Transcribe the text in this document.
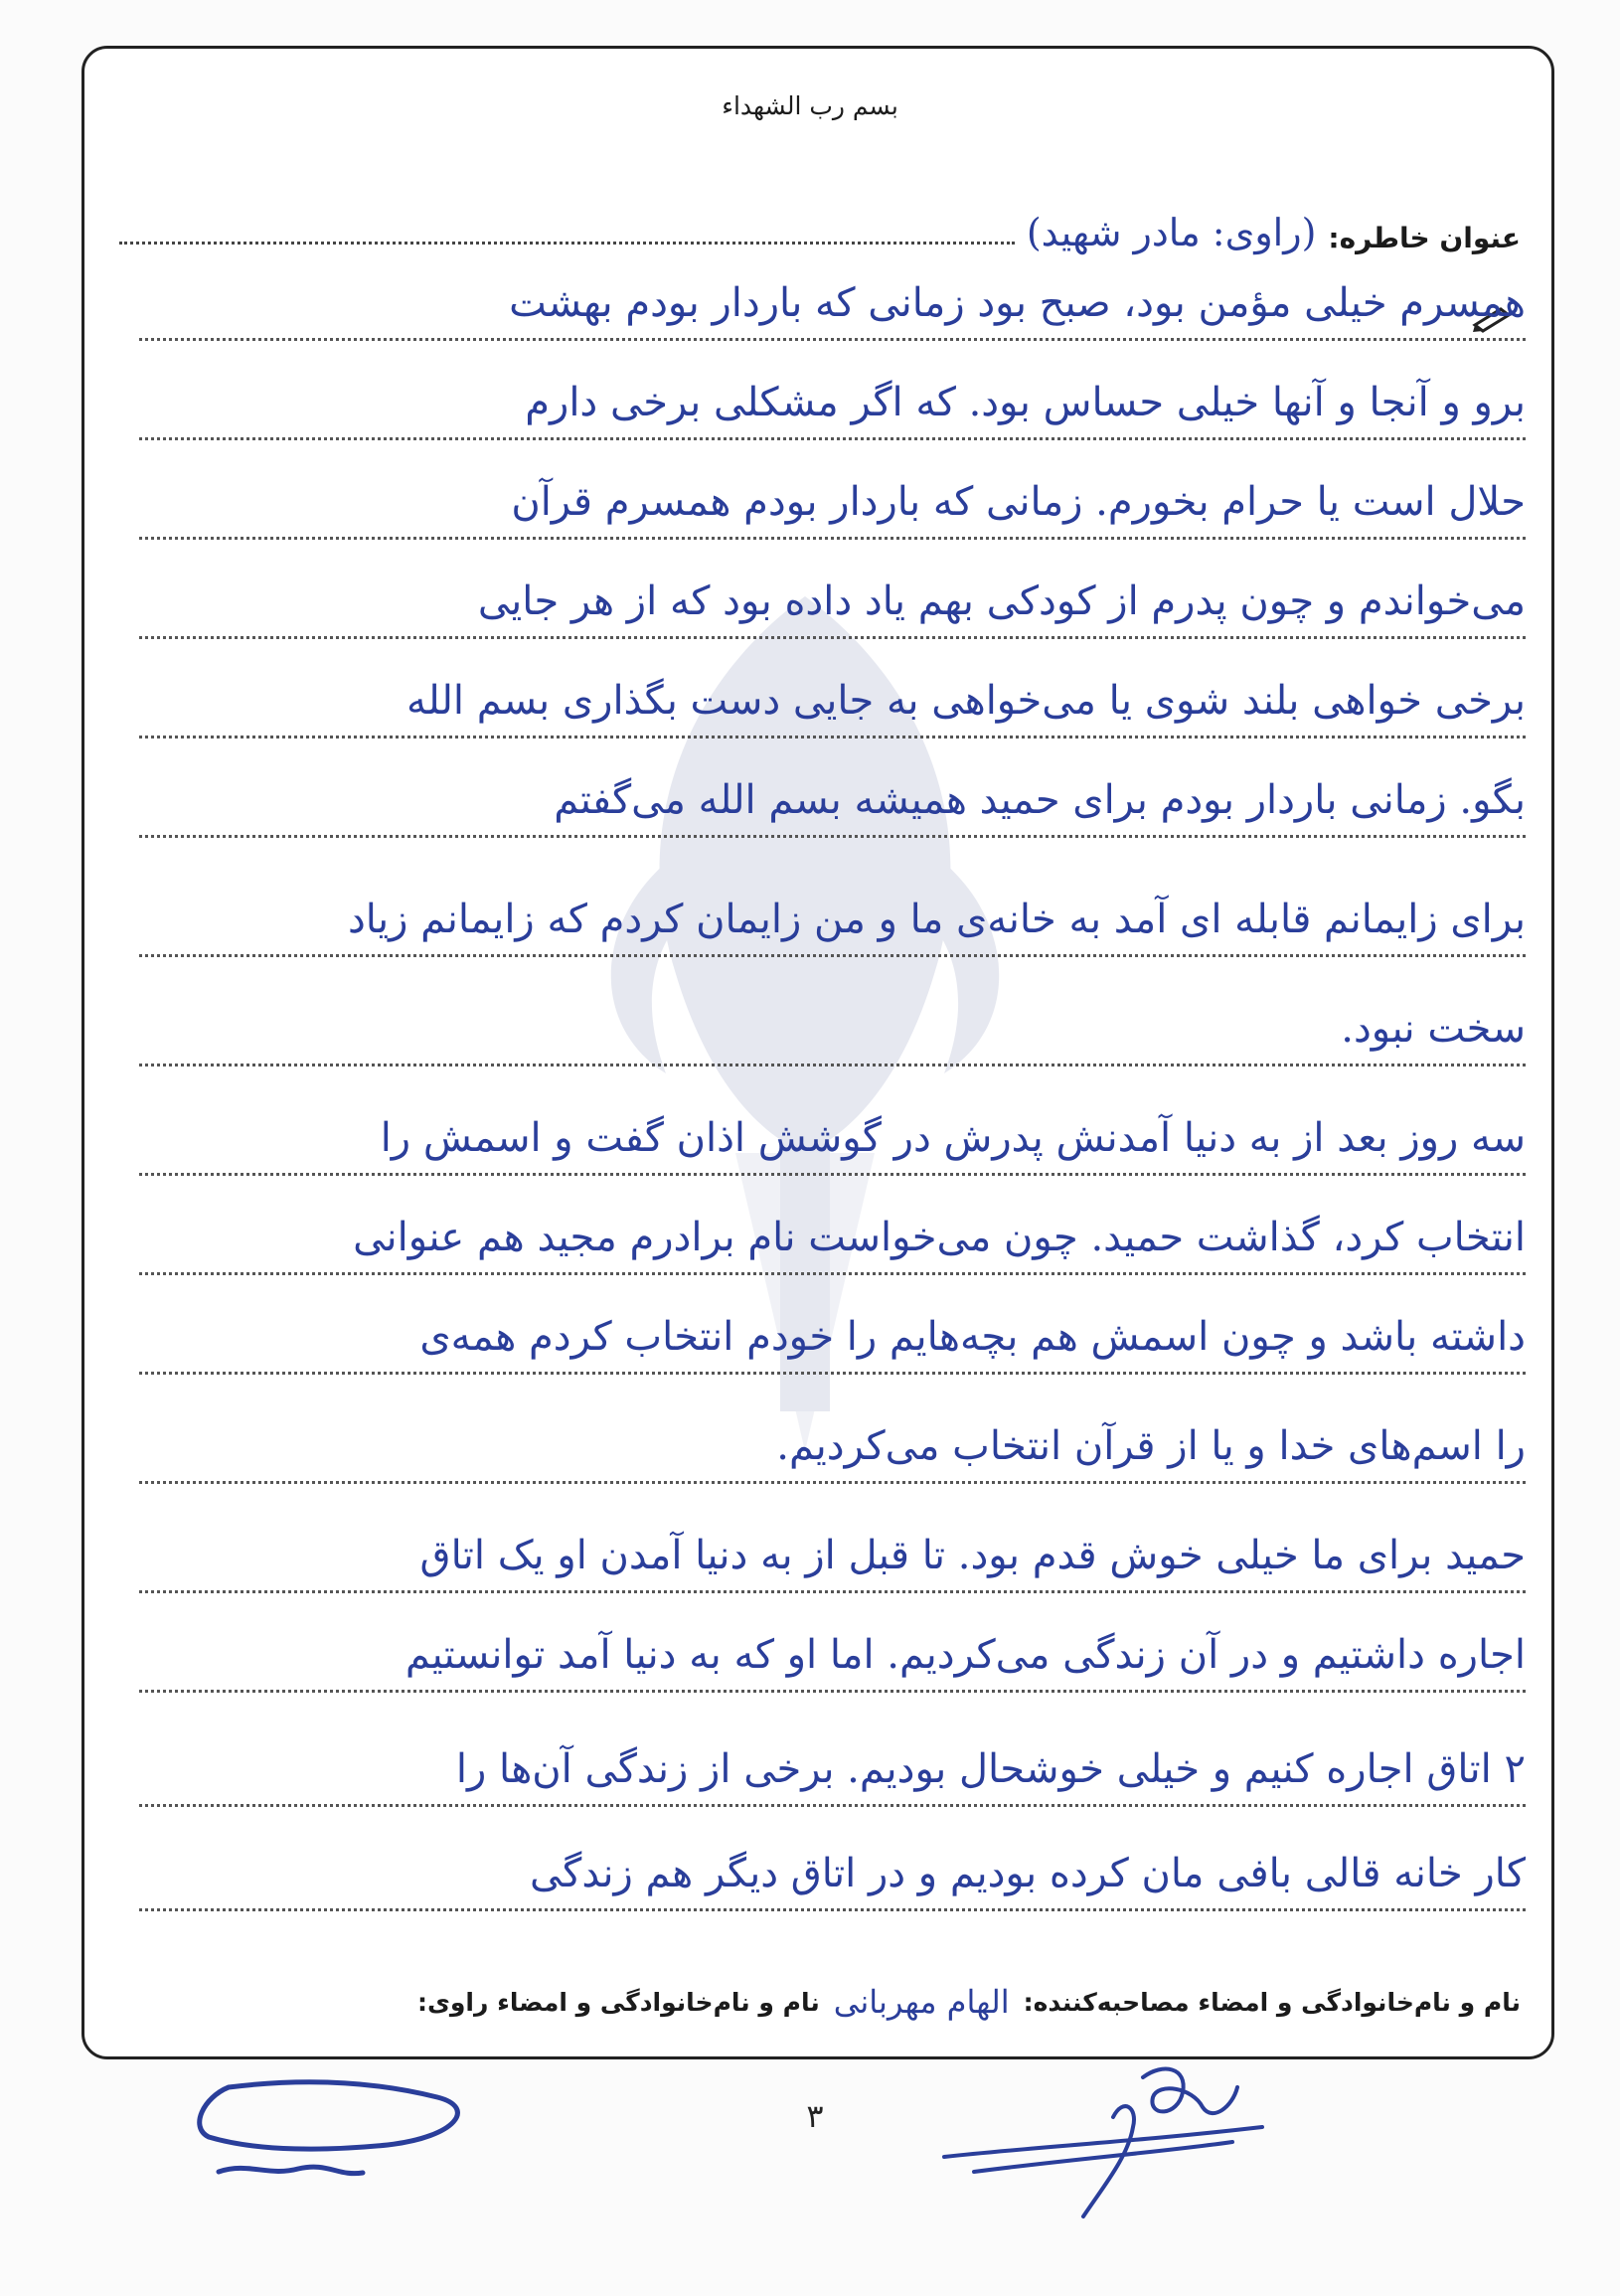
بسم رب الشهداء
عنوان خاطره:
(راوی: مادر شهید)
همسرم خیلی مؤمن بود، صبح بود زمانی که باردار بودم بهشت
برو و آنجا و آنها خیلی حساس بود. که اگر مشکلی برخی دارم
حلال است یا حرام بخورم. زمانی که باردار بودم همسرم قرآن
می‌خواندم و چون پدرم از کودکی بهم یاد داده بود که از هر جایی
برخی خواهی بلند شوی یا می‌خواهی به جایی دست بگذاری بسم الله
بگو. زمانی باردار بودم برای حمید همیشه بسم الله می‌گفتم
برای زایمانم قابله ای آمد به خانه‌ی ما و من زایمان کردم که زایمانم زیاد
سخت نبود.
سه روز بعد از به دنیا آمدنش پدرش در گوشش اذان گفت و اسمش را
انتخاب کرد، گذاشت حمید. چون می‌خواست نام برادرم مجید هم عنوانی
داشته باشد و چون اسمش هم بچه‌هایم را خودم انتخاب کردم همه‌ی
را اسم‌های خدا و یا از قرآن انتخاب می‌کردیم.
حمید برای ما خیلی خوش قدم بود. تا قبل از به دنیا آمدن او یک اتاق
اجاره داشتیم و در آن زندگی می‌کردیم. اما او که به دنیا آمد توانستیم
۲ اتاق اجاره کنیم و خیلی خوشحال بودیم. برخی از زندگی آن‌ها را
کار خانه قالی بافی مان کرده بودیم و در اتاق دیگر هم زندگی
نام و نام‌خانوادگی و امضاء مصاحبه‌کننده:
الهام مهربانی
نام و نام‌خانوادگی و امضاء راوی:
۳
